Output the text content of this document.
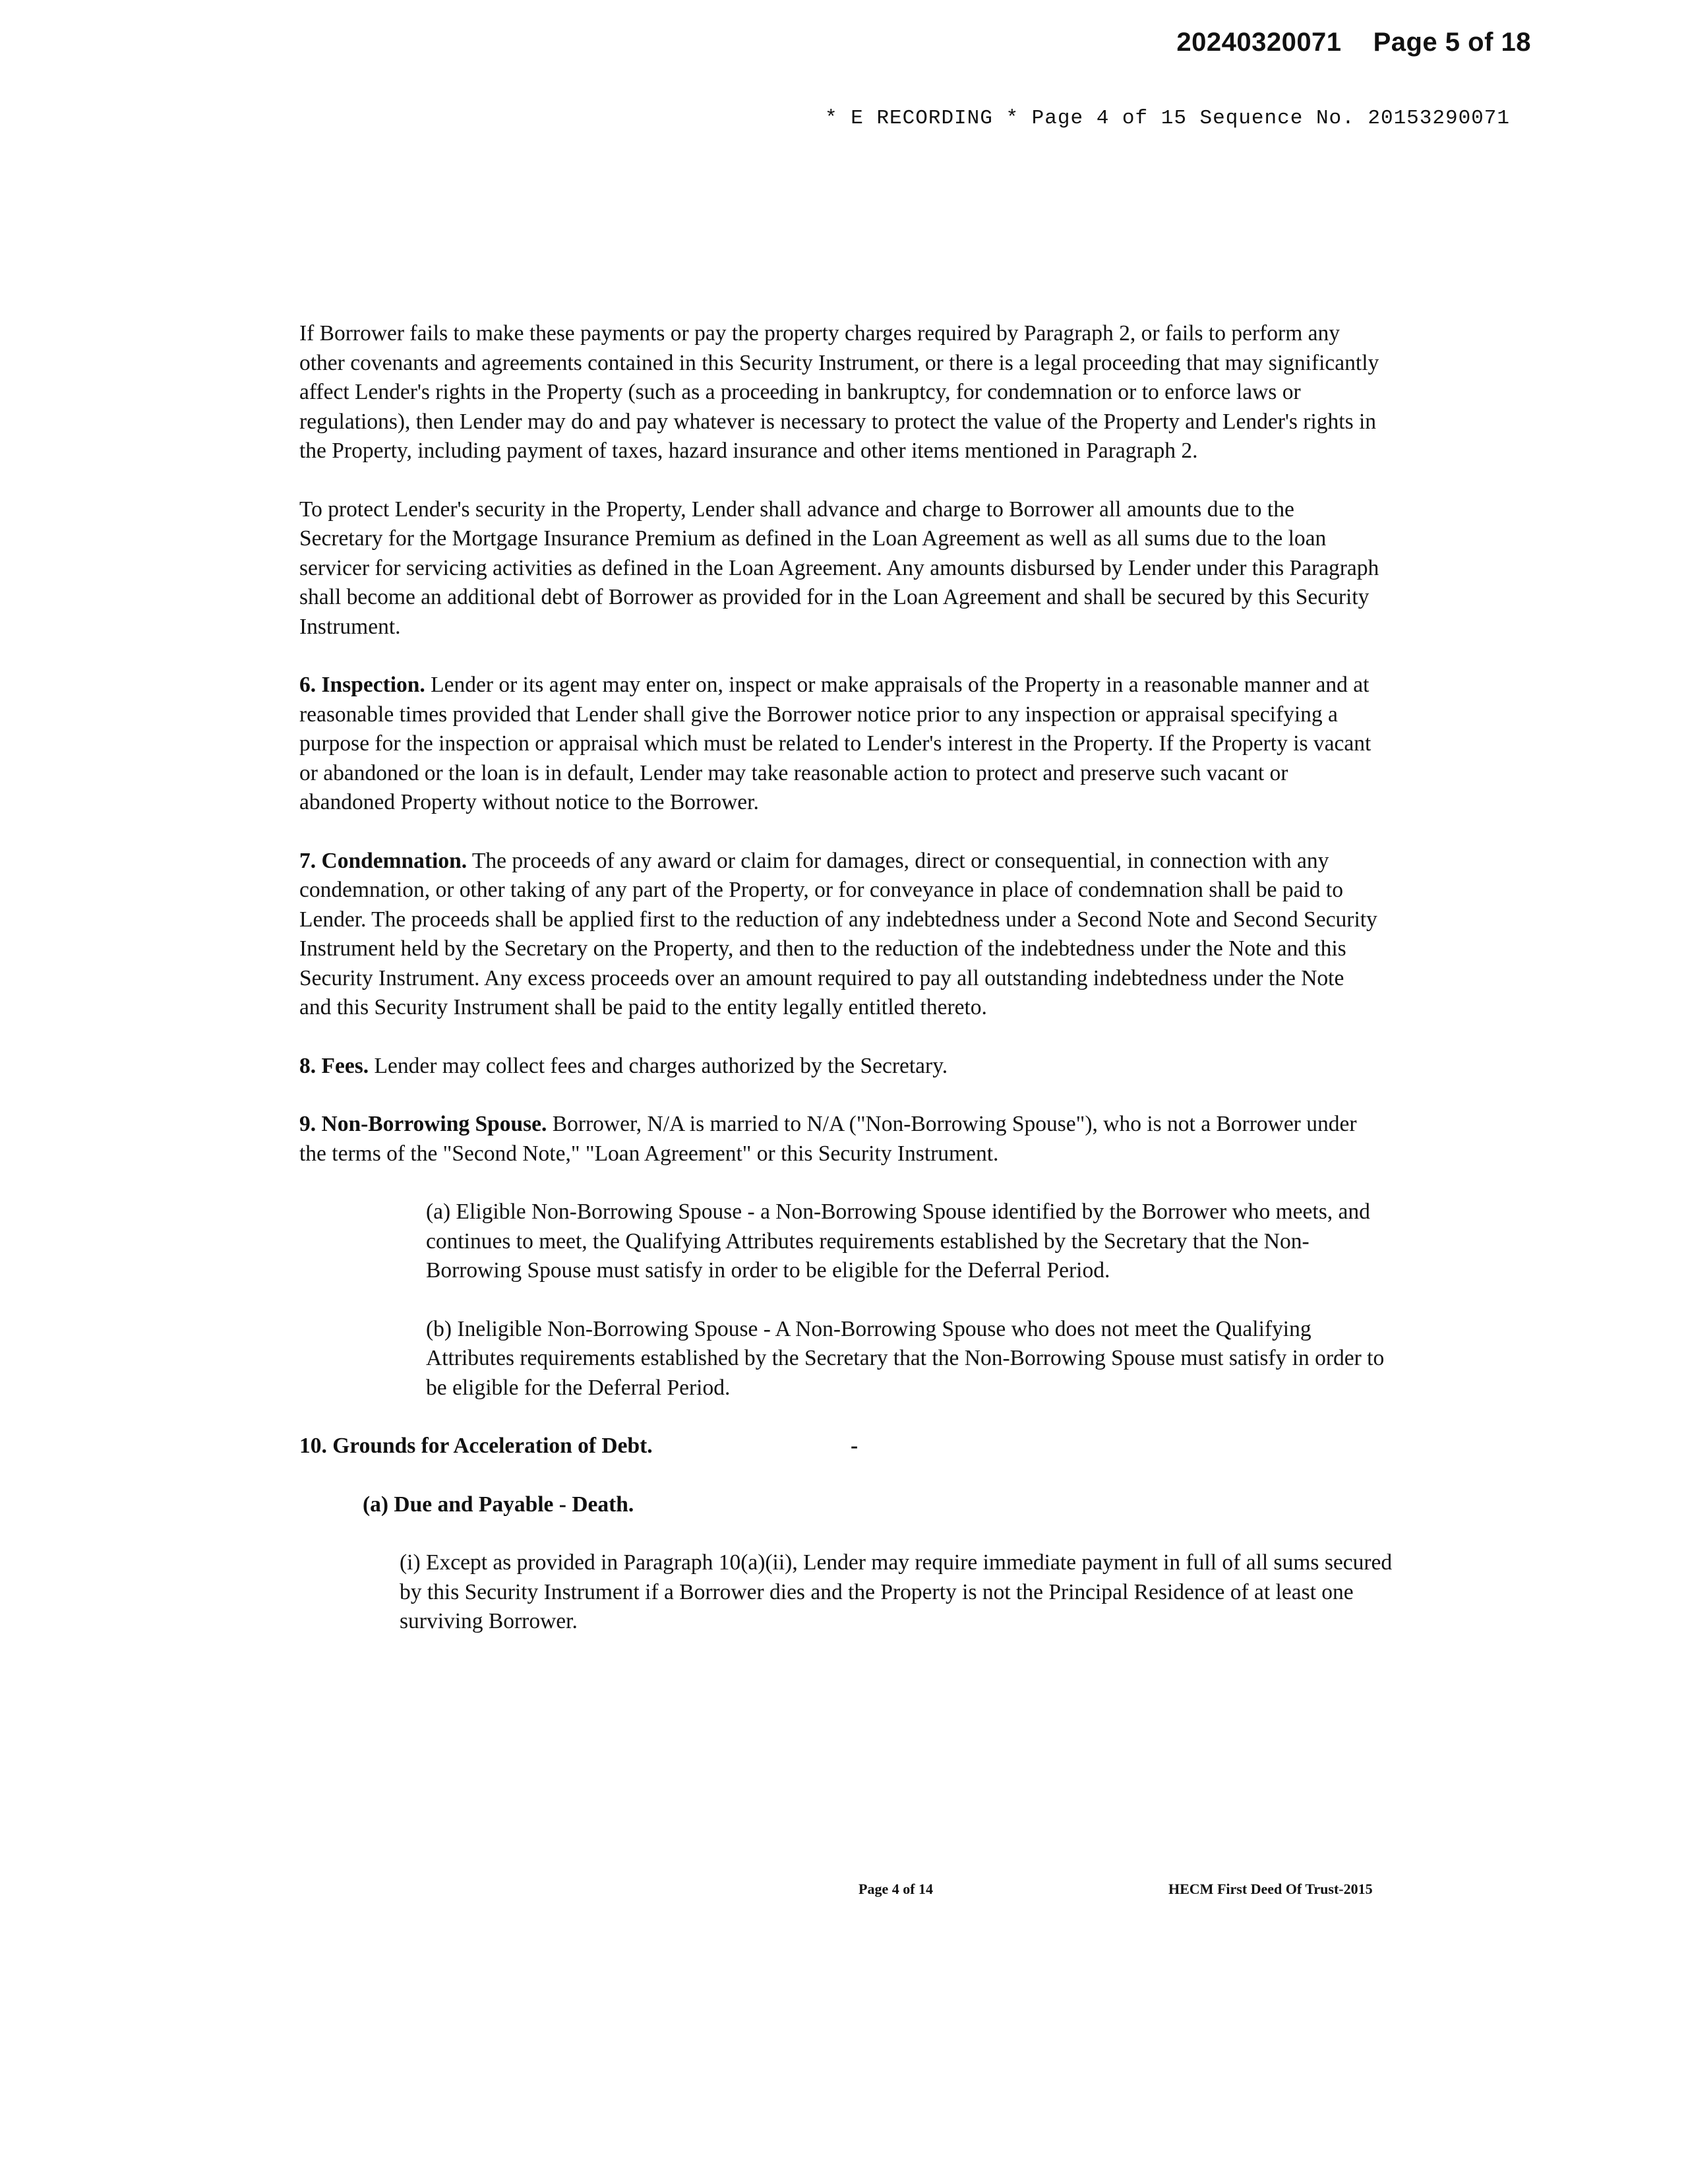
20240320071 Page 5 of 18
* E RECORDING * Page 4 of 15 Sequence No. 20153290071

If Borrower fails to make these payments or pay the property charges required by Paragraph 2, or fails to perform any other covenants and agreements contained in this Security Instrument, or there is a legal proceeding that may significantly affect Lender's rights in the Property (such as a proceeding in bankruptcy, for condemnation or to enforce laws or regulations), then Lender may do and pay whatever is necessary to protect the value of the Property and Lender's rights in the Property, including payment of taxes, hazard insurance and other items mentioned in Paragraph 2.

To protect Lender's security in the Property, Lender shall advance and charge to Borrower all amounts due to the Secretary for the Mortgage Insurance Premium as defined in the Loan Agreement as well as all sums due to the loan servicer for servicing activities as defined in the Loan Agreement. Any amounts disbursed by Lender under this Paragraph shall become an additional debt of Borrower as provided for in the Loan Agreement and shall be secured by this Security Instrument.

6. Inspection. Lender or its agent may enter on, inspect or make appraisals of the Property in a reasonable manner and at reasonable times provided that Lender shall give the Borrower notice prior to any inspection or appraisal specifying a purpose for the inspection or appraisal which must be related to Lender's interest in the Property. If the Property is vacant or abandoned or the loan is in default, Lender may take reasonable action to protect and preserve such vacant or abandoned Property without notice to the Borrower.

7. Condemnation. The proceeds of any award or claim for damages, direct or consequential, in connection with any condemnation, or other taking of any part of the Property, or for conveyance in place of condemnation shall be paid to Lender. The proceeds shall be applied first to the reduction of any indebtedness under a Second Note and Second Security Instrument held by the Secretary on the Property, and then to the reduction of the indebtedness under the Note and this Security Instrument. Any excess proceeds over an amount required to pay all outstanding indebtedness under the Note and this Security Instrument shall be paid to the entity legally entitled thereto.

8. Fees. Lender may collect fees and charges authorized by the Secretary.

9. Non-Borrowing Spouse. Borrower, N/A is married to N/A ("Non-Borrowing Spouse"), who is not a Borrower under the terms of the "Second Note," "Loan Agreement" or this Security Instrument.

(a) Eligible Non-Borrowing Spouse - a Non-Borrowing Spouse identified by the Borrower who meets, and continues to meet, the Qualifying Attributes requirements established by the Secretary that the Non-Borrowing Spouse must satisfy in order to be eligible for the Deferral Period.

(b) Ineligible Non-Borrowing Spouse - A Non-Borrowing Spouse who does not meet the Qualifying Attributes requirements established by the Secretary that the Non-Borrowing Spouse must satisfy in order to be eligible for the Deferral Period.

10. Grounds for Acceleration of Debt.	-

(a) Due and Payable - Death.

(i) Except as provided in Paragraph 10(a)(ii), Lender may require immediate payment in full of all sums secured by this Security Instrument if a Borrower dies and the Property is not the Principal Residence of at least one surviving Borrower.

Page 4 of 14	HECM First Deed Of Trust-2015
